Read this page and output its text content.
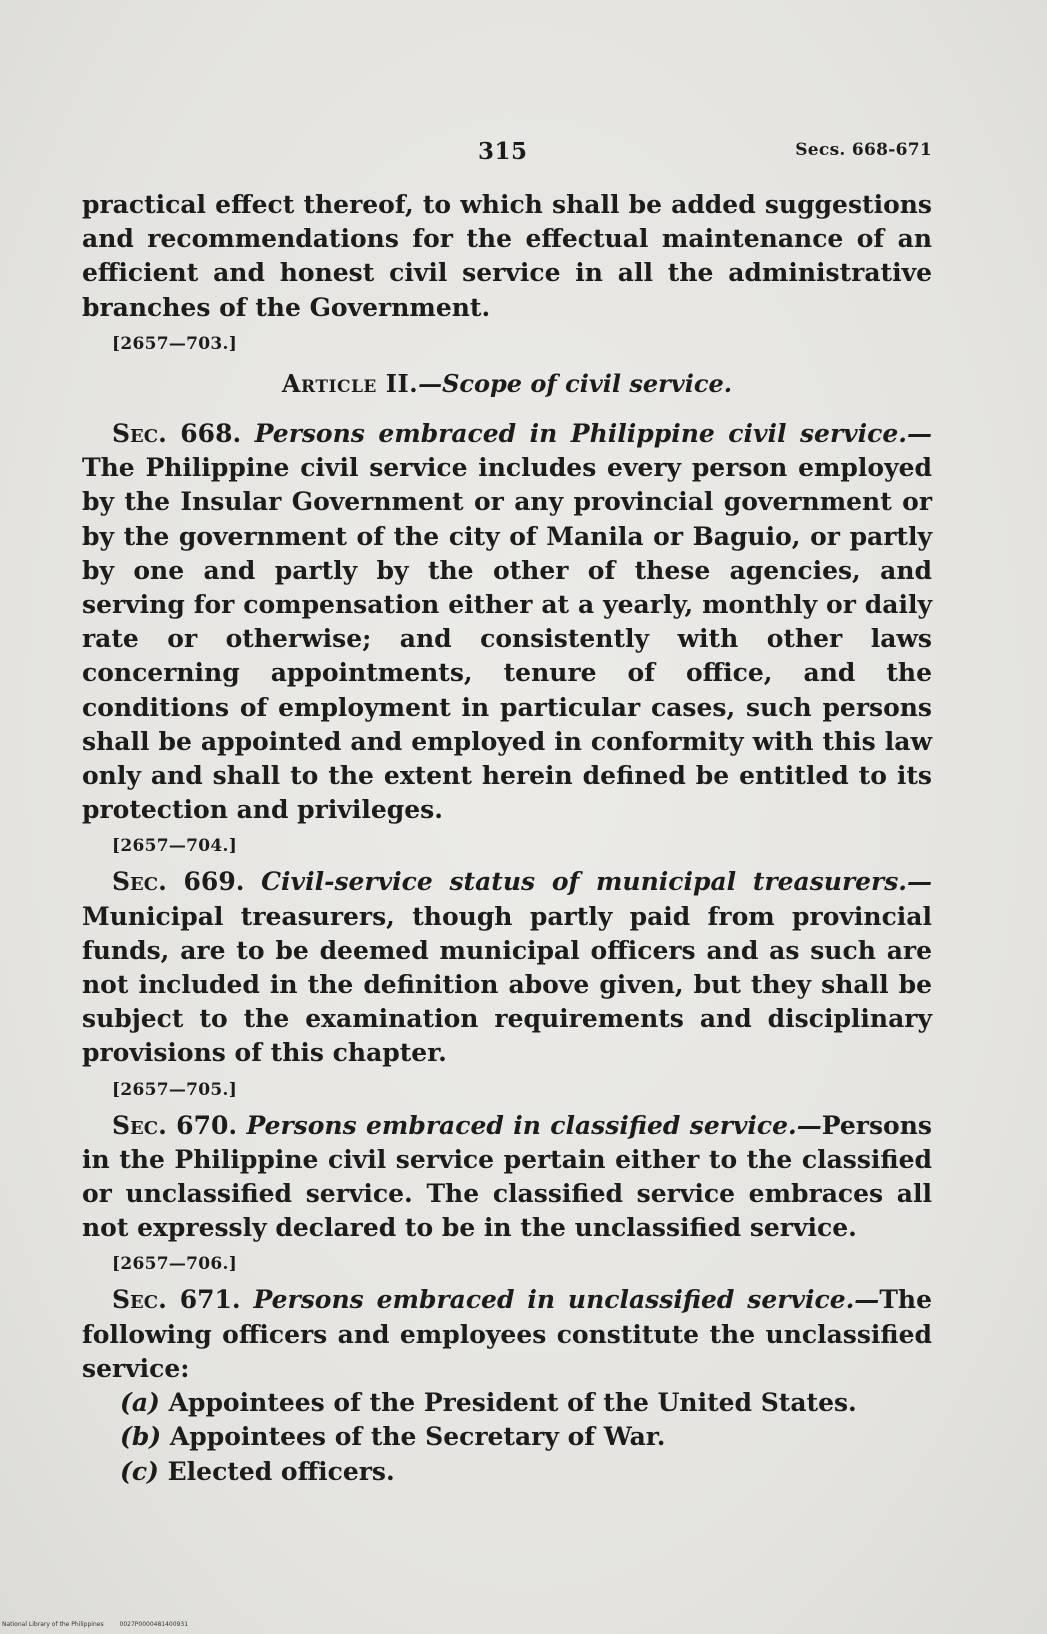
315	Secs. 668-671

practical effect thereof, to which shall be added suggestions and recommendations for the effectual maintenance of an efficient and honest civil service in all the administrative branches of the Government.

[2657—703.]
Article II.—Scope of civil service.

Sec. 668. Persons embraced in Philippine civil service.— The Philippine civil service includes every person employed by the Insular Government or any provincial government or by the government of the city of Manila or Baguio, or partly by one and partly by the other of these agencies, and serving for compensation either at a yearly, monthly or daily rate or otherwise; and consistently with other laws concerning appointments, tenure of office, and the conditions of employment in particular cases, such persons shall be appointed and employed in conformity with this law only and shall to the extent herein defined be entitled to its protection and privileges.

[2657—704.]

Sec. 669. Civil-service status of municipal treasurers.— Municipal treasurers, though partly paid from provincial funds, are to be deemed municipal officers and as such are not included in the definition above given, but they shall be subject to the examination requirements and disciplinary provisions of this chapter.

[2657—705.]

Sec. 670. Persons embraced in classified service.—Persons in the Philippine civil service pertain either to the classified or unclassified service. The classified service embraces all not expressly declared to be in the unclassified service.

[2657—706.]

Sec. 671. Persons embraced in unclassified service.—The following officers and employees constitute the unclassified service:

(a) Appointees of the President of the United States.

(b) Appointees of the Secretary of War.

(c) Elected officers.

National Library of the Philippines	0027P0000481400931
